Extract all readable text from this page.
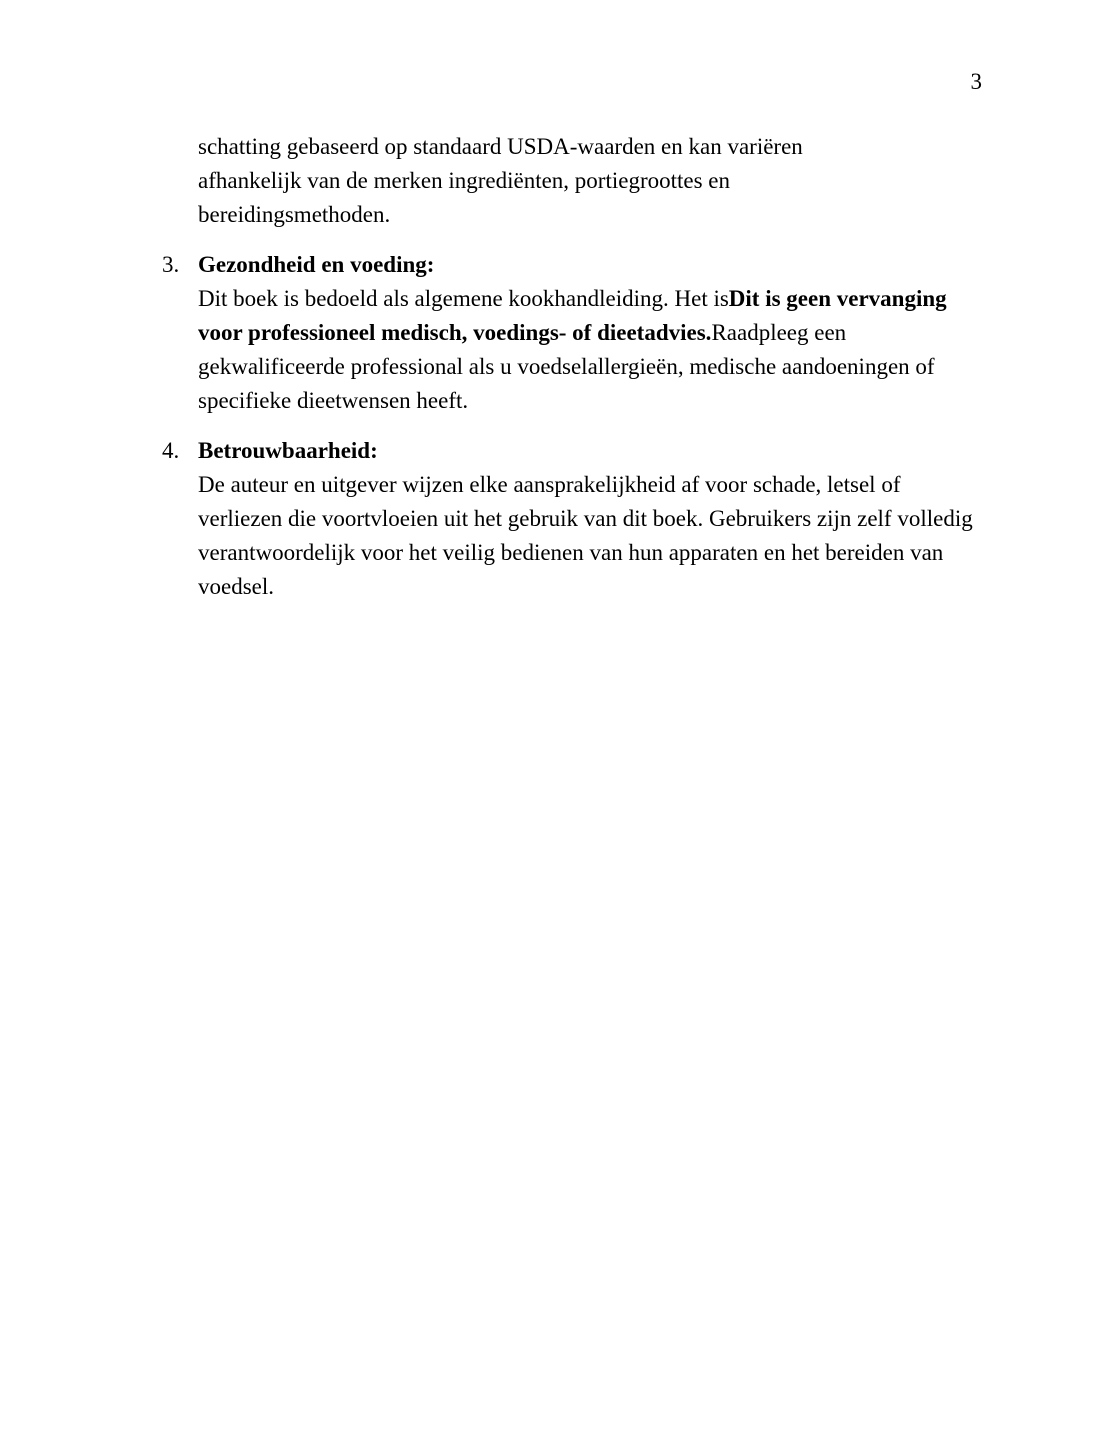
3

schatting gebaseerd op standaard USDA-waarden en kan variëren
afhankelijk van de merken ingrediënten, portiegroottes en
bereidingsmethoden.

3. Gezondheid en voeding:

Dit boek is bedoeld als algemene kookhandleiding. Het isDit is geen vervanging voor professioneel medisch, voedings- of dieetadvies.Raadpleeg een gekwalificeerde professional als u voedselallergieën, medische aandoeningen of specifieke dieetwensen heeft.

4. Betrouwbaarheid:

De auteur en uitgever wijzen elke aansprakelijkheid af voor schade, letsel of verliezen die voortvloeien uit het gebruik van dit boek. Gebruikers zijn zelf volledig verantwoordelijk voor het veilig bedienen van hun apparaten en het bereiden van voedsel.
